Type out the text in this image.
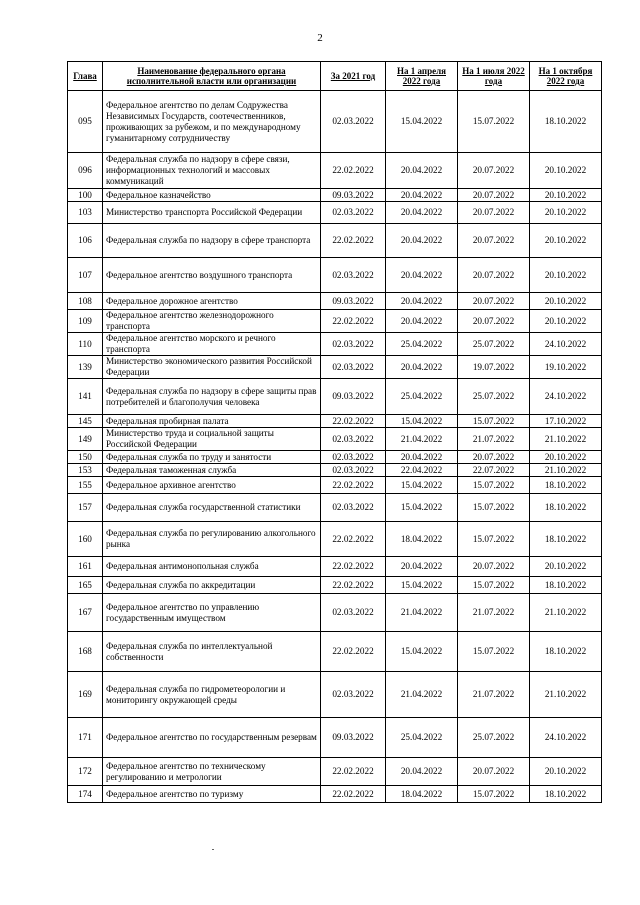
2
Глава	Наименование федерального органа исполнительной власти или организации	За 2021 год	На 1 апреля 2022 года	На 1 июля 2022 года	На 1 октября 2022 года
095	Федеральное агентство по делам Содружества Независимых Государств, соотечественников, проживающих за рубежом, и по международному гуманитарному сотрудничеству	02.03.2022	15.04.2022	15.07.2022	18.10.2022
096	Федеральная служба по надзору в сфере связи, информационных технологий и массовых коммуникаций	22.02.2022	20.04.2022	20.07.2022	20.10.2022
100	Федеральное казначейство	09.03.2022	20.04.2022	20.07.2022	20.10.2022
103	Министерство транспорта Российской Федерации	02.03.2022	20.04.2022	20.07.2022	20.10.2022
106	Федеральная служба по надзору в сфере транспорта	22.02.2022	20.04.2022	20.07.2022	20.10.2022
107	Федеральное агентство воздушного транспорта	02.03.2022	20.04.2022	20.07.2022	20.10.2022
108	Федеральное дорожное агентство	09.03.2022	20.04.2022	20.07.2022	20.10.2022
109	Федеральное агентство железнодорожного транспорта	22.02.2022	20.04.2022	20.07.2022	20.10.2022
110	Федеральное агентство морского и речного транспорта	02.03.2022	25.04.2022	25.07.2022	24.10.2022
139	Министерство экономического развития Российской Федерации	02.03.2022	20.04.2022	19.07.2022	19.10.2022
141	Федеральная служба по надзору в сфере защиты прав потребителей и благополучия человека	09.03.2022	25.04.2022	25.07.2022	24.10.2022
145	Федеральная пробирная палата	22.02.2022	15.04.2022	15.07.2022	17.10.2022
149	Министерство труда и социальной защиты Российской Федерации	02.03.2022	21.04.2022	21.07.2022	21.10.2022
150	Федеральная служба по труду и занятости	02.03.2022	20.04.2022	20.07.2022	20.10.2022
153	Федеральная таможенная служба	02.03.2022	22.04.2022	22.07.2022	21.10.2022
155	Федеральное архивное агентство	22.02.2022	15.04.2022	15.07.2022	18.10.2022
157	Федеральная служба государственной статистики	02.03.2022	15.04.2022	15.07.2022	18.10.2022
160	Федеральная служба по регулированию алкогольного рынка	22.02.2022	18.04.2022	15.07.2022	18.10.2022
161	Федеральная антимонопольная служба	22.02.2022	20.04.2022	20.07.2022	20.10.2022
165	Федеральная служба по аккредитации	22.02.2022	15.04.2022	15.07.2022	18.10.2022
167	Федеральное агентство по управлению государственным имуществом	02.03.2022	21.04.2022	21.07.2022	21.10.2022
168	Федеральная служба по интеллектуальной собственности	22.02.2022	15.04.2022	15.07.2022	18.10.2022
169	Федеральная служба по гидрометеорологии и мониторингу окружающей среды	02.03.2022	21.04.2022	21.07.2022	21.10.2022
171	Федеральное агентство по государственным резервам	09.03.2022	25.04.2022	25.07.2022	24.10.2022
172	Федеральное агентство по техническому регулированию и метрологии	22.02.2022	20.04.2022	20.07.2022	20.10.2022
174	Федеральное агентство по туризму	22.02.2022	18.04.2022	15.07.2022	18.10.2022
